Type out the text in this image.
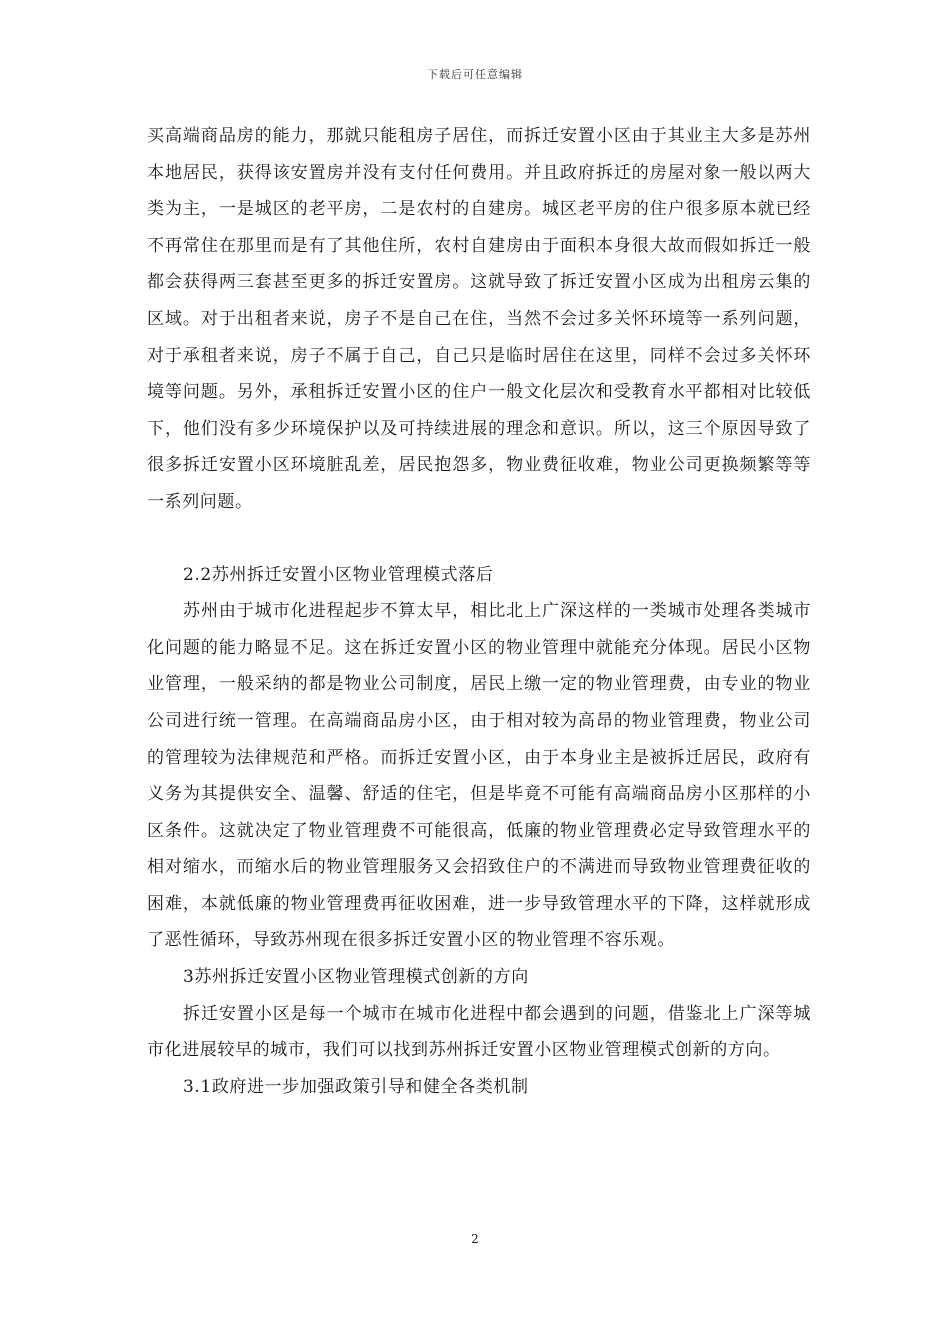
下载后可任意编辑

买高端商品房的能力，那就只能租房子居住，而拆迁安置小区由于其业主大多是苏州本地居民，获得该安置房并没有支付任何费用。并且政府拆迁的房屋对象一般以两大类为主，一是城区的老平房，二是农村的自建房。城区老平房的住户很多原本就已经不再常住在那里而是有了其他住所，农村自建房由于面积本身很大故而假如拆迁一般都会获得两三套甚至更多的拆迁安置房。这就导致了拆迁安置小区成为出租房云集的区域。对于出租者来说，房子不是自己在住，当然不会过多关怀环境等一系列问题，对于承租者来说，房子不属于自己，自己只是临时居住在这里，同样不会过多关怀环境等问题。另外，承租拆迁安置小区的住户一般文化层次和受教育水平都相对比较低下，他们没有多少环境保护以及可持续进展的理念和意识。所以，这三个原因导致了很多拆迁安置小区环境脏乱差，居民抱怨多，物业费征收难，物业公司更换频繁等等一系列问题。

2.2苏州拆迁安置小区物业管理模式落后

苏州由于城市化进程起步不算太早，相比北上广深这样的一类城市处理各类城市化问题的能力略显不足。这在拆迁安置小区的物业管理中就能充分体现。居民小区物业管理，一般采纳的都是物业公司制度，居民上缴一定的物业管理费，由专业的物业公司进行统一管理。在高端商品房小区，由于相对较为高昂的物业管理费，物业公司的管理较为法律规范和严格。而拆迁安置小区，由于本身业主是被拆迁居民，政府有义务为其提供安全、温馨、舒适的住宅，但是毕竟不可能有高端商品房小区那样的小区条件。这就决定了物业管理费不可能很高，低廉的物业管理费必定导致管理水平的相对缩水，而缩水后的物业管理服务又会招致住户的不满进而导致物业管理费征收的困难，本就低廉的物业管理费再征收困难，进一步导致管理水平的下降，这样就形成了恶性循环，导致苏州现在很多拆迁安置小区的物业管理不容乐观。

3苏州拆迁安置小区物业管理模式创新的方向

拆迁安置小区是每一个城市在城市化进程中都会遇到的问题，借鉴北上广深等城市化进展较早的城市，我们可以找到苏州拆迁安置小区物业管理模式创新的方向。

3.1政府进一步加强政策引导和健全各类机制

2
